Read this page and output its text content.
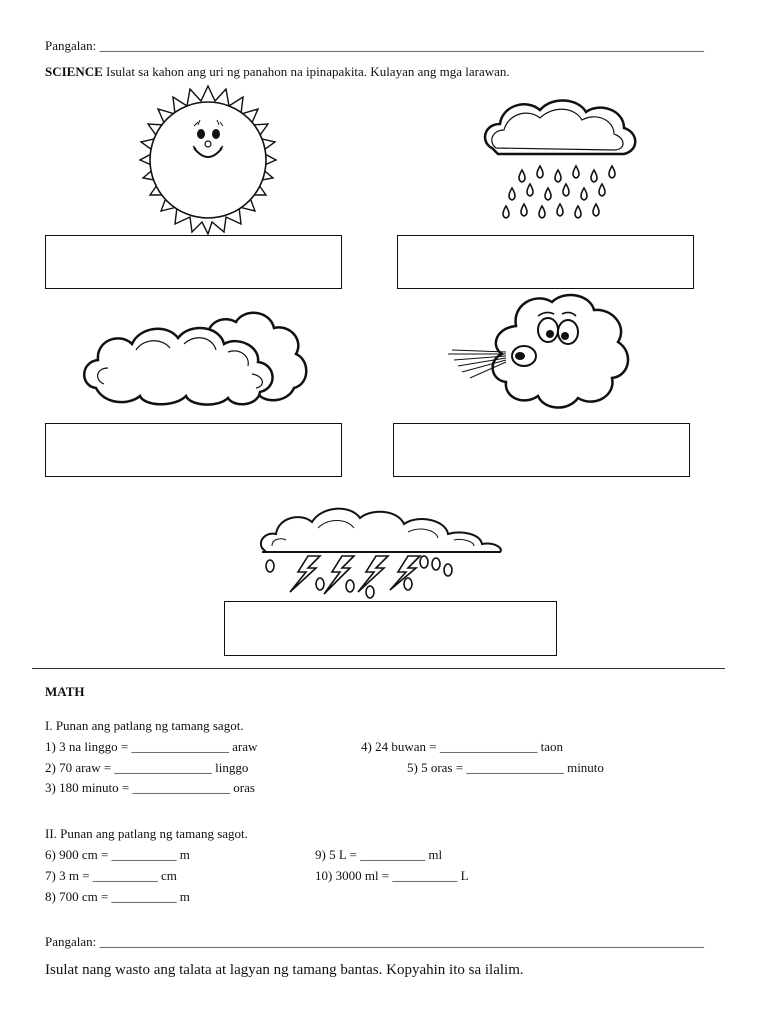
Pangalan: _____________________________________________________________________________________________
SCIENCE Isulat sa kahon ang uri ng panahon na ipinapakita. Kulayan ang mga larawan.
MATH
I. Punan ang patlang ng tamang sagot.
1) 3 na linggo = _______________ araw
2) 70 araw = _______________ linggo
3) 180 minuto = _______________ oras
4) 24 buwan = _______________ taon
5) 5 oras = _______________ minuto
II. Punan ang patlang ng tamang sagot.
6) 900 cm = __________ m
7) 3 m = __________ cm
8) 700 cm = __________ m
9) 5 L = __________ ml
10) 3000 ml = __________ L
Pangalan: _____________________________________________________________________________________________
Isulat nang wasto ang talata at lagyan ng tamang bantas. Kopyahin ito sa ilalim.
